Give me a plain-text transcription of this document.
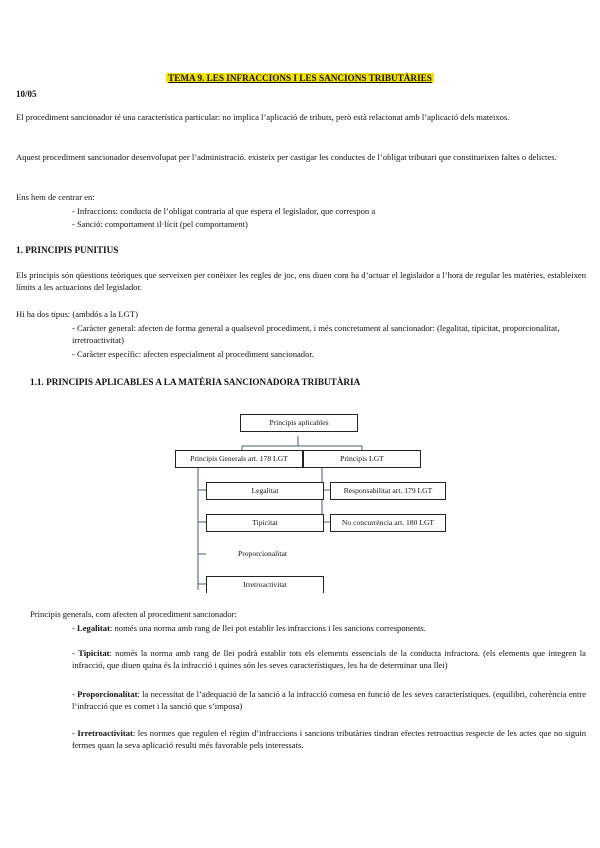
TEMA 9. LES INFRACCIONS I LES SANCIONS TRIBUTÀRIES
10/05

El procediment sancionador té una característica particular: no implica l’aplicació de tributs, però està relacionat amb l’aplicació dels mateixos.

Aquest procediment sancionador desenvolupat per l’administració. existeix per castigar les conductes de l’obligat tributari que constitueixen faltes o delictes.

Ens hem de centrar en:

- Infraccions: conducta de l’obligat contraria al que espera el legislador, que correspon a

- Sanció: comportament il·lícit (pel comportament)

1. PRINCIPIS PUNITIUS

Els principis són qüestions teòriques que serveixen per conèixer les regles de joc, ens diuen com ha d’actuar el legislador a l’hora de regular les matèries, estableixen límits a les actuacions del legislador.

Hi ha dos tipus: (ambdós a la LGT)

- Caràcter general: afecten de forma general a qualsevol procediment, i més concretament al sancionador: (legalitat, tipicitat, proporcionalitat, irretroactivitat)

- Caràcter específic: afecten especialment al procediment sancionador.

1.1. PRINCIPIS APLICABLES A LA MATÈRIA SANCIONADORA TRIBUTÀRIA
Principis aplicables
Principis Generals art. 178 LGT	Principis LGT
Legalitat
Tipicitat
Proporcionalitat
Irretroactivitat
Responsabilitat art. 179 LGT
No concurrència art. 180 LGT

Principis generals, com afecten al procediment sancionador:

- Legalitat: només una norma amb rang de llei pot establir les infraccions i les sancions corresponents.

- Tipicitat: només la norma amb rang de llei podrà establir tots els elements essencials de la conducta infractora. (els elements que integren la infracció, que diuen quina és la infracció i quines són les seves característiques, les ha de determinar una llei)

- Proporcionalitat: la necessitat de l’adequació de la sanció a la infracció comesa en funció de les seves característiques. (equilibri, coherència entre l’infracció que es comet i la sanció que s’imposa)

- Irretroactivitat: les normes que regulen el règim d’infraccions i sancions tributàries tindran efectes retroactius respecte de les actes que no siguin fermes quan la seva aplicació resulti més favorable pels interessats.
